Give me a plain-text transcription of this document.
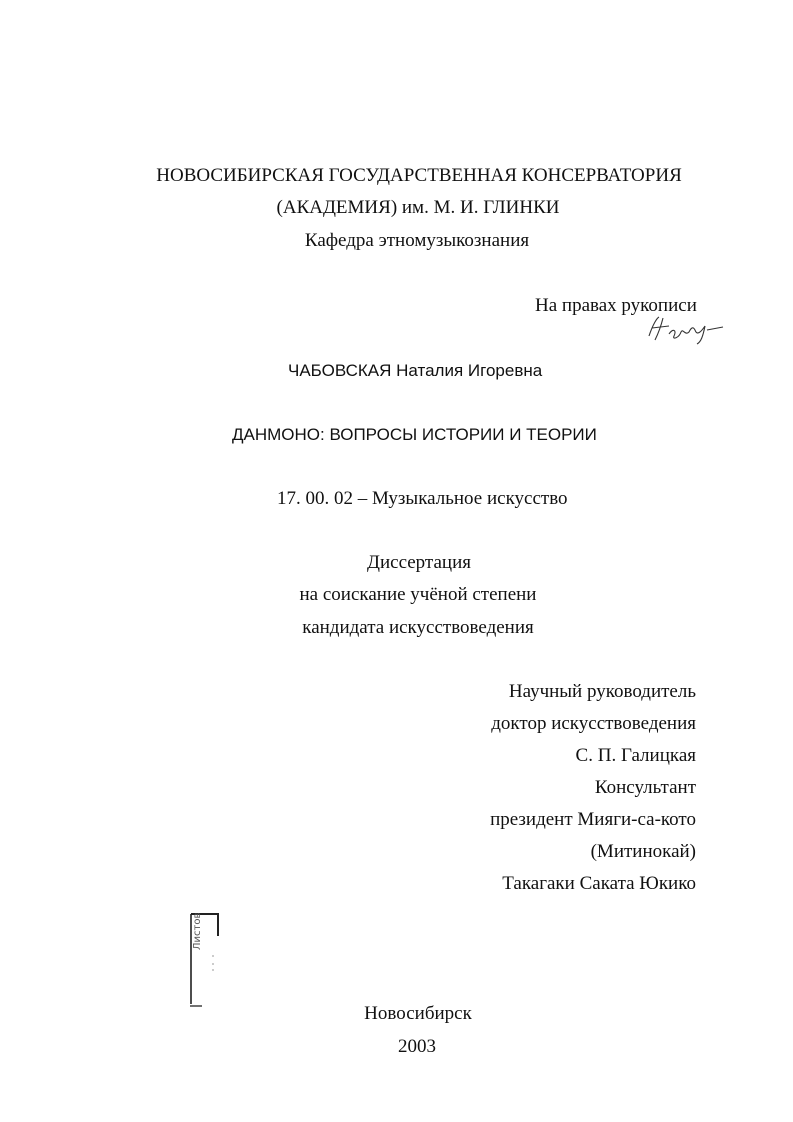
НОВОСИБИРСКАЯ ГОСУДАРСТВЕННАЯ КОНСЕРВАТОРИЯ
(АКАДЕМИЯ) им. М. И. ГЛИНКИ
Кафедра этномузыкознания
На правах рукописи
ЧАБОВСКАЯ Наталия Игоревна
ДАНМОНО: ВОПРОСЫ ИСТОРИИ И ТЕОРИИ
17. 00. 02 – Музыкальное искусство
Диссертация
на соискание учёной степени
кандидата искусствоведения
Научный руководитель
доктор искусствоведения
С. П. Галицкая
Консультант
президент Мияги-са-кото
(Митинокай)
Такагаки Саката Юкико
Листов
Новосибирск
2003
